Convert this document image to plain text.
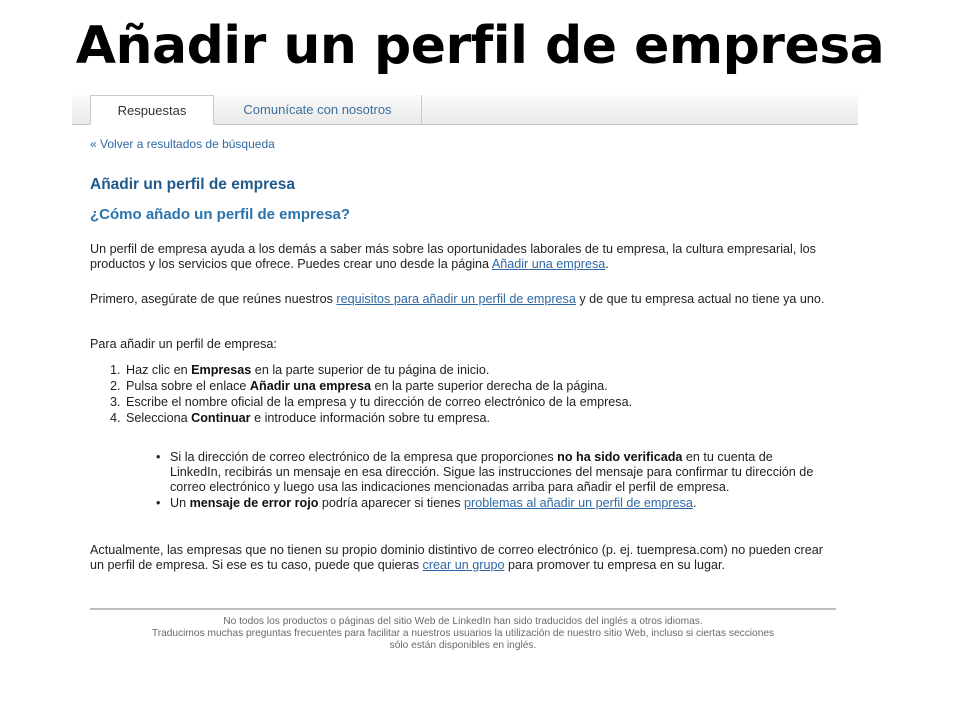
Añadir un perfil de empresa
Respuestas	Comunícate con nosotros
« Volver a resultados de búsqueda
Añadir un perfil de empresa
¿Cómo añado un perfil de empresa?

Un perfil de empresa ayuda a los demás a saber más sobre las oportunidades laborales de tu empresa, la cultura empresarial, los productos y los servicios que ofrece. Puedes crear uno desde la página Añadir una empresa.

Primero, asegúrate de que reúnes nuestros requisitos para añadir un perfil de empresa y de que tu empresa actual no tiene ya uno.

Para añadir un perfil de empresa:

1. Haz clic en Empresas en la parte superior de tu página de inicio.
2. Pulsa sobre el enlace Añadir una empresa en la parte superior derecha de la página.
3. Escribe el nombre oficial de la empresa y tu dirección de correo electrónico de la empresa.
4. Selecciona Continuar e introduce información sobre tu empresa.
• Si la dirección de correo electrónico de la empresa que proporciones no ha sido verificada en tu cuenta de LinkedIn, recibirás un mensaje en esa dirección. Sigue las instrucciones del mensaje para confirmar tu dirección de correo electrónico y luego usa las indicaciones mencionadas arriba para añadir el perfil de empresa.
• Un mensaje de error rojo podría aparecer si tienes problemas al añadir un perfil de empresa.

Actualmente, las empresas que no tienen su propio dominio distintivo de correo electrónico (p. ej. tuempresa.com) no pueden crear un perfil de empresa. Si ese es tu caso, puede que quieras crear un grupo para promover tu empresa en su lugar.

No todos los productos o páginas del sitio Web de LinkedIn han sido traducidos del inglés a otros idiomas.
Traducimos muchas preguntas frecuentes para facilitar a nuestros usuarios la utilización de nuestro sitio Web, incluso si ciertas secciones
sólo están disponibles en inglés.
